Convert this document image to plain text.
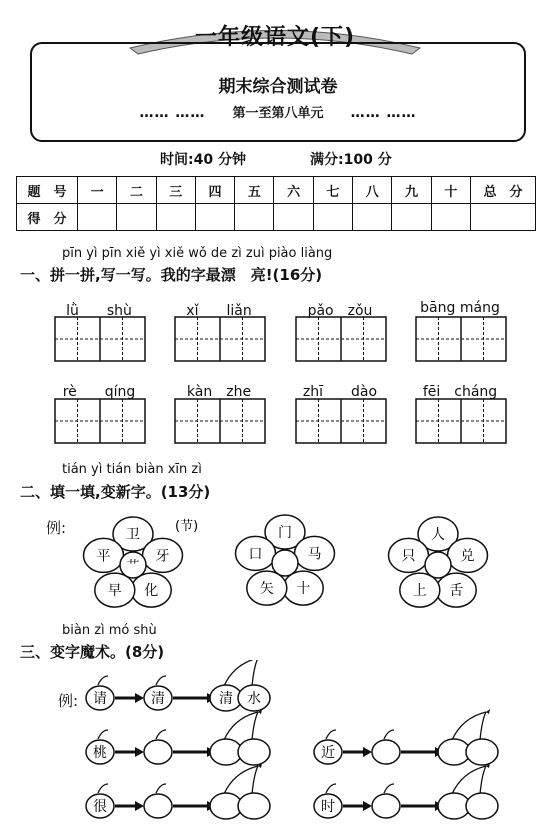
一年级语文(下)
期末综合测试卷
…… …… 第一至第八单元 …… ……
时间:40 分钟	满分:100 分
题　号	一	二	三	四	五	六	七	八	九	十	总　分
得　分											
pīn yì pīn xiě yì xiě wǒ de zì zuì piào liàng
一、拼一拼,写一写。我的字最漂　亮!(16分)
lǜ　　shù	xǐ　　liǎn	pǎo　zǒu	bāng máng
rè　　qíng	kàn　zhe	zhī　　dào	fēi　cháng
tián yì tián biàn xīn zì
二、填一填,变新字。(13分)
例:	卫
牙
化
早
平
艹
(节)	门
马
十
矢
口
人
兑
舌
上
只
biàn zì mó shù
三、变字魔术。(8分)
例: 请	清	清 水
桃	近
很	时
